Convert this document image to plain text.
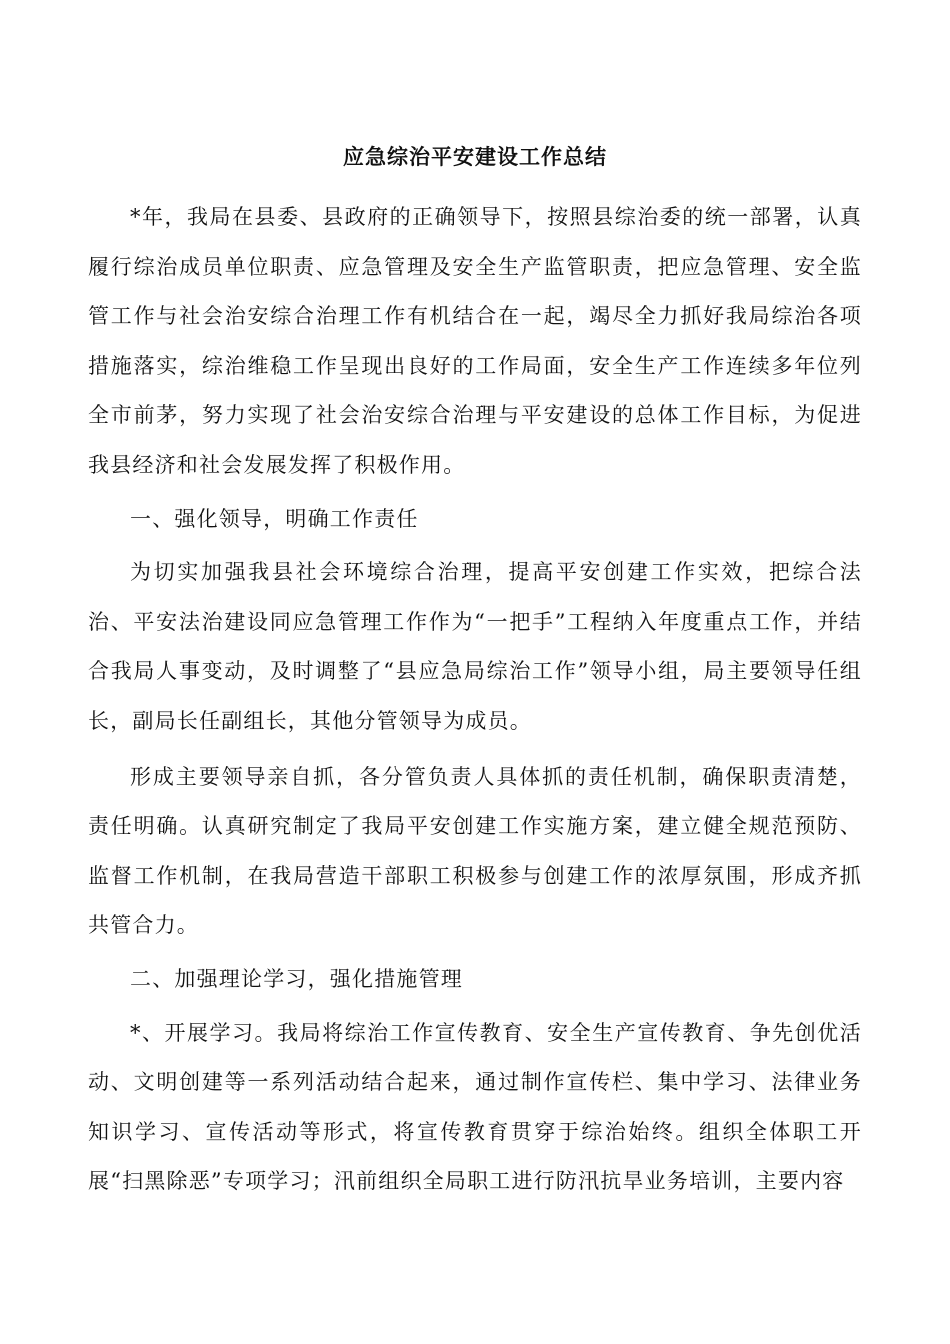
应急综治平安建设工作总结

*年，我局在县委、县政府的正确领导下，按照县综治委的统一部署，认真履行综治成员单位职责、应急管理及安全生产监管职责，把应急管理、安全监管工作与社会治安综合治理工作有机结合在一起，竭尽全力抓好我局综治各项措施落实，综治维稳工作呈现出良好的工作局面，安全生产工作连续多年位列全市前茅，努力实现了社会治安综合治理与平安建设的总体工作目标，为促进我县经济和社会发展发挥了积极作用。

一、强化领导，明确工作责任

为切实加强我县社会环境综合治理，提高平安创建工作实效，把综合法治、平安法治建设同应急管理工作作为“一把手”工程纳入年度重点工作，并结合我局人事变动，及时调整了“县应急局综治工作”领导小组，局主要领导任组长，副局长任副组长，其他分管领导为成员。

形成主要领导亲自抓，各分管负责人具体抓的责任机制，确保职责清楚，责任明确。认真研究制定了我局平安创建工作实施方案，建立健全规范预防、监督工作机制，在我局营造干部职工积极参与创建工作的浓厚氛围，形成齐抓共管合力。

二、加强理论学习，强化措施管理

*、开展学习。我局将综治工作宣传教育、安全生产宣传教育、争先创优活动、文明创建等一系列活动结合起来，通过制作宣传栏、集中学习、法律业务知识学习、宣传活动等形式，将宣传教育贯穿于综治始终。组织全体职工开展“扫黑除恶”专项学习；汛前组织全局职工进行防汛抗旱业务培训，主要内容
